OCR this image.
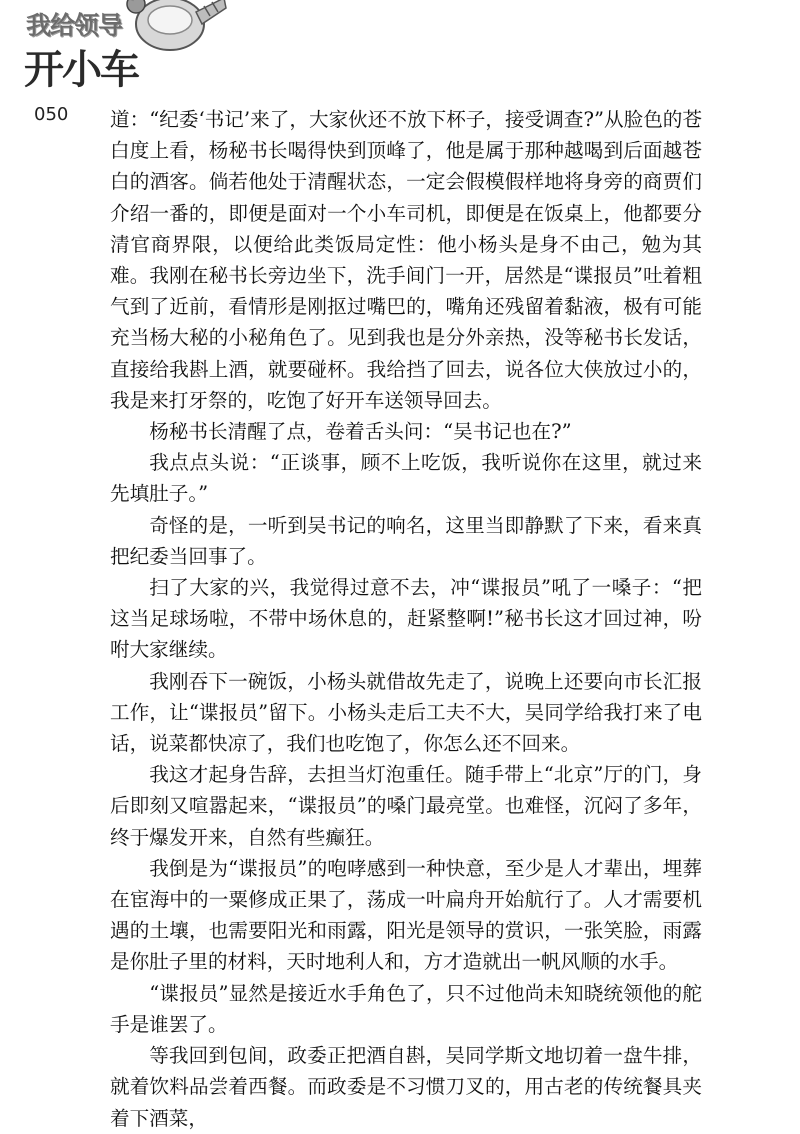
我给领导
开小车
050 道：“纪委‘书记’来了，大家伙还不放下杯子，接受调查?”从脸色的苍白度上看，杨秘书长喝得快到顶峰了，他是属于那种越喝到后面越苍白的酒客。倘若他处于清醒状态，一定会假模假样地将身旁的商贾们介绍一番的，即便是面对一个小车司机，即便是在饭桌上，他都要分清官商界限，以便给此类饭局定性：他小杨头是身不由己，勉为其难。我刚在秘书长旁边坐下，洗手间门一开，居然是“谍报员”吐着粗气到了近前，看情形是刚抠过嘴巴的，嘴角还残留着黏液，极有可能充当杨大秘的小秘角色了。见到我也是分外亲热，没等秘书长发话，直接给我斟上酒，就要碰杯。我给挡了回去，说各位大侠放过小的，我是来打牙祭的，吃饱了好开车送领导回去。

杨秘书长清醒了点，卷着舌头问：“吴书记也在?”

我点点头说：“正谈事，顾不上吃饭，我听说你在这里，就过来先填肚子。”

奇怪的是，一听到吴书记的响名，这里当即静默了下来，看来真把纪委当回事了。

扫了大家的兴，我觉得过意不去，冲“谍报员”吼了一嗓子：“把这当足球场啦，不带中场休息的，赶紧整啊!”秘书长这才回过神，吩咐大家继续。

我刚吞下一碗饭，小杨头就借故先走了，说晚上还要向市长汇报工作，让“谍报员”留下。小杨头走后工夫不大，吴同学给我打来了电话，说菜都快凉了，我们也吃饱了，你怎么还不回来。

我这才起身告辞，去担当灯泡重任。随手带上“北京”厅的门，身后即刻又喧嚣起来，“谍报员”的嗓门最亮堂。也难怪，沉闷了多年，终于爆发开来，自然有些癫狂。

我倒是为“谍报员”的咆哮感到一种快意，至少是人才辈出，埋葬在宦海中的一粟修成正果了，荡成一叶扁舟开始航行了。人才需要机遇的土壤，也需要阳光和雨露，阳光是领导的赏识，一张笑脸，雨露是你肚子里的材料，天时地利人和，方才造就出一帆风顺的水手。

“谍报员”显然是接近水手角色了，只不过他尚未知晓统领他的舵手是谁罢了。

等我回到包间，政委正把酒自斟，吴同学斯文地切着一盘牛排，就着饮料品尝着西餐。而政委是不习惯刀叉的，用古老的传统餐具夹着下酒菜，
